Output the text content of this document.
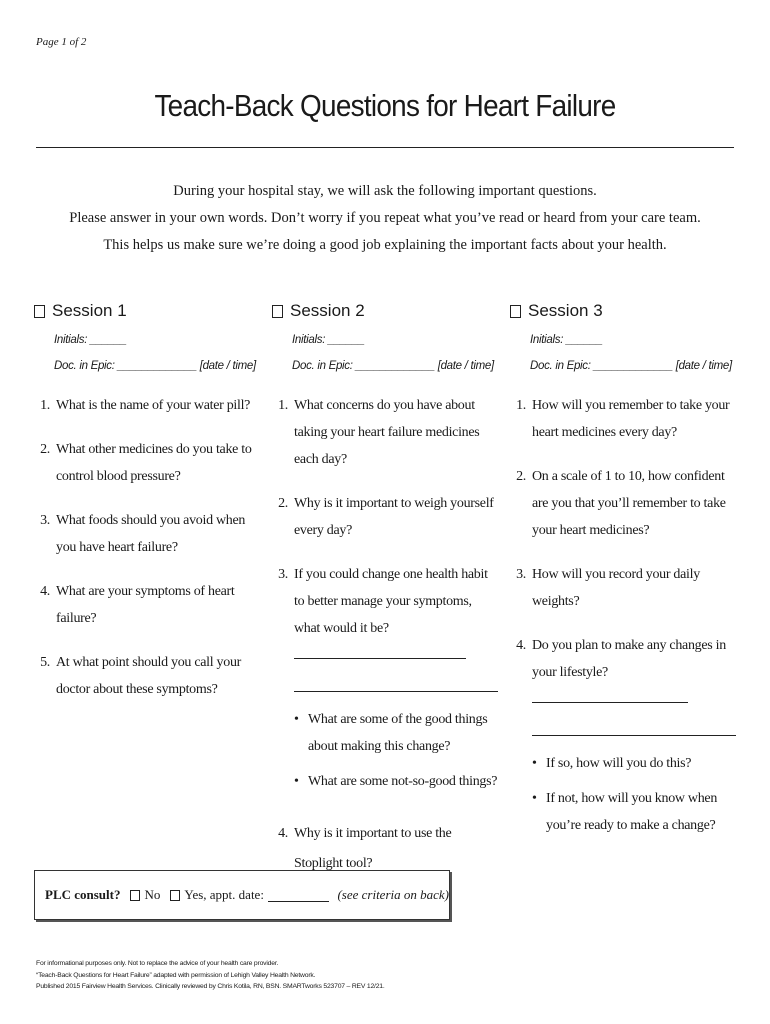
Page 1 of 2
Teach-Back Questions for Heart Failure
During your hospital stay, we will ask the following important questions.
Please answer in your own words. Don’t worry if you repeat what you’ve read or heard from your care team.
This helps us make sure we’re doing a good job explaining the important facts about your health.
Session 1
Initials: ______
Doc. in Epic: _____________ [date / time]
1. What is the name of your water pill?
2. What other medicines do you take to control blood pressure?
3. What foods should you avoid when you have heart failure?
4. What are your symptoms of heart failure?
5. At what point should you call your doctor about these symptoms?
Session 2
Initials: ______
Doc. in Epic: _____________ [date / time]
1. What concerns do you have about taking your heart failure medicines each day?
2. Why is it important to weigh yourself every day?
3. If you could change one health habit to better manage your symptoms, what would it be?
• What are some of the good things about making this change?
• What are some not-so-good things?
4. Why is it important to use the Stoplight tool?
Session 3
Initials: ______
Doc. in Epic: _____________ [date / time]
1. How will you remember to take your heart medicines every day?
2. On a scale of 1 to 10, how confident are you that you’ll remember to take your heart medicines?
3. How will you record your daily weights?
4. Do you plan to make any changes in your lifestyle?
• If so, how will you do this?
• If not, how will you know when you’re ready to make a change?
PLC consult? No Yes, appt. date:	(see criteria on back)
For informational purposes only. Not to replace the advice of your health care provider.
“Teach-Back Questions for Heart Failure” adapted with permission of Lehigh Valley Health Network.
Published 2015 Fairview Health Services. Clinically reviewed by Chris Kotila, RN, BSN. SMARTworks 523707 – REV 12/21.
